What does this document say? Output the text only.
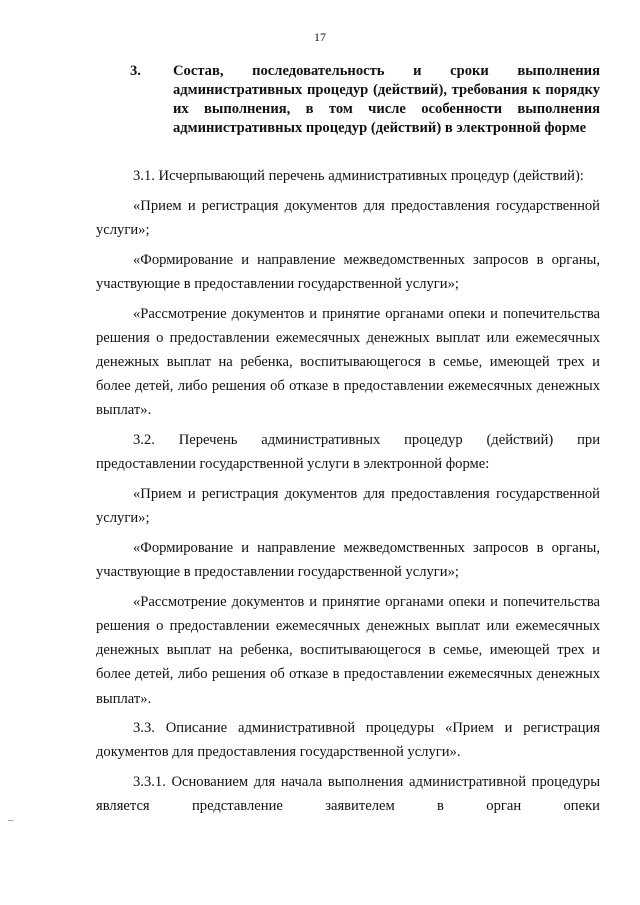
17
3.	Состав, последовательность и сроки выполнения административных процедур (действий), требования к порядку их выполнения, в том числе особенности выполнения административных процедур (действий) в электронной форме

3.1. Исчерпывающий перечень административных процедур (действий):

«Прием и регистрация документов для предоставления государственной услуги»;

«Формирование и направление межведомственных запросов в органы, участвующие в предоставлении государственной услуги»;

«Рассмотрение документов и принятие органами опеки и попечительства решения о предоставлении ежемесячных денежных выплат или ежемесячных денежных выплат на ребенка, воспитывающегося в семье, имеющей трех и более детей, либо решения об отказе в предоставлении ежемесячных денежных выплат».

3.2. Перечень административных процедур (действий) при предоставлении государственной услуги в электронной форме:

«Прием и регистрация документов для предоставления государственной услуги»;

«Формирование и направление межведомственных запросов в органы, участвующие в предоставлении государственной услуги»;

«Рассмотрение документов и принятие органами опеки и попечительства решения о предоставлении ежемесячных денежных выплат или ежемесячных денежных выплат на ребенка, воспитывающегося в семье, имеющей трех и более детей, либо решения об отказе в предоставлении ежемесячных денежных выплат».

3.3. Описание административной процедуры «Прием и регистрация документов для предоставления государственной услуги».

3.3.1. Основанием для начала выполнения административной процедуры является представление заявителем в орган опеки

–
